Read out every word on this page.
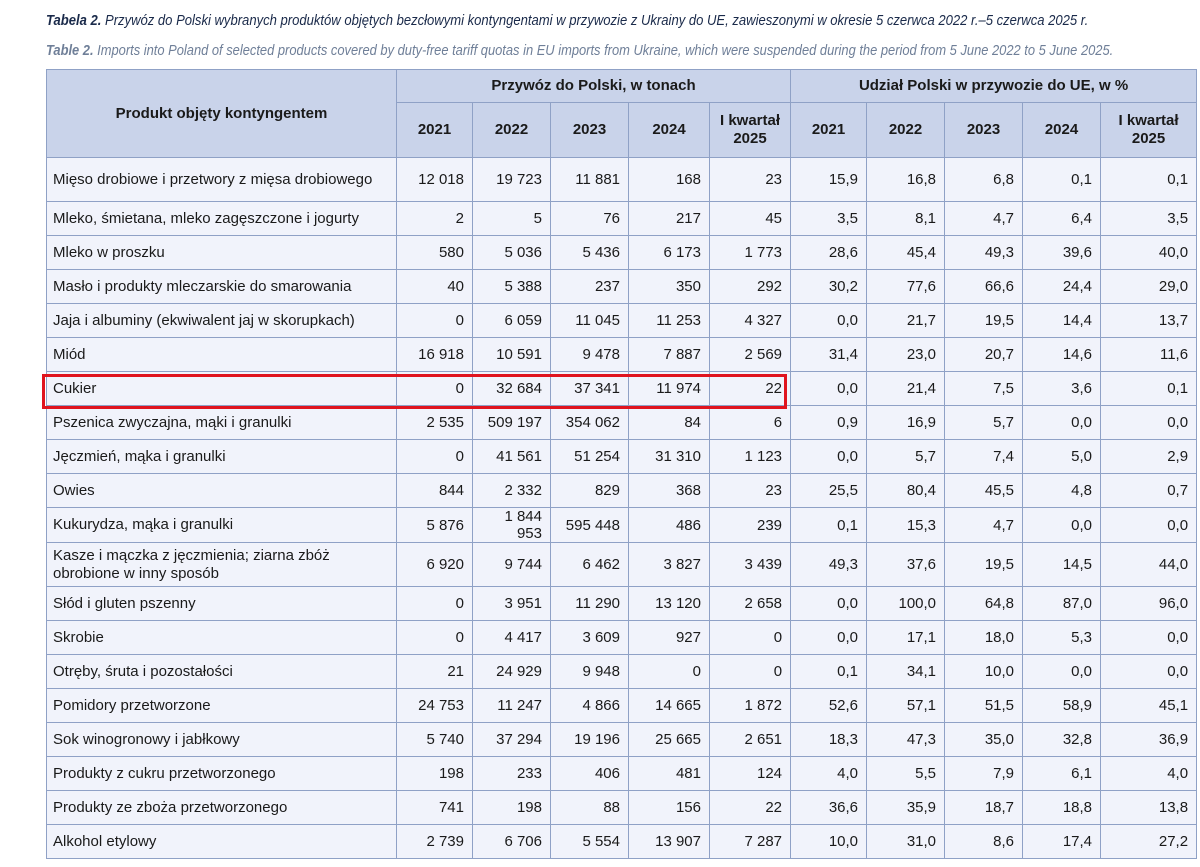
Tabela 2. Przywóz do Polski wybranych produktów objętych bezcłowymi kontyngentami w przywozie z Ukrainy do UE, zawieszonymi w okresie 5 czerwca 2022 r.–5 czerwca 2025 r.
Table 2. Imports into Poland of selected products covered by duty-free tariff quotas in EU imports from Ukraine, which were suspended during the period from 5 June 2022 to 5 June 2025.
Produkt objęty kontyngentem	Przywóz do Polski, w tonach					Udział Polski w przywozie do UE, w %				
	2021	2022	2023	2024	I kwartał 2025	2021	2022	2023	2024	I kwartał 2025
Mięso drobiowe i przetwory z mięsa drobiowego	12 018	19 723	11 881	168	23	15,9	16,8	6,8	0,1	0,1
Mleko, śmietana, mleko zagęszczone i jogurty	2	5	76	217	45	3,5	8,1	4,7	6,4	3,5
Mleko w proszku	580	5 036	5 436	6 173	1 773	28,6	45,4	49,3	39,6	40,0
Masło i produkty mleczarskie do smarowania	40	5 388	237	350	292	30,2	77,6	66,6	24,4	29,0
Jaja i albuminy (ekwiwalent jaj w skorupkach)	0	6 059	11 045	11 253	4 327	0,0	21,7	19,5	14,4	13,7
Miód	16 918	10 591	9 478	7 887	2 569	31,4	23,0	20,7	14,6	11,6
Cukier	0	32 684	37 341	11 974	22	0,0	21,4	7,5	3,6	0,1
Pszenica zwyczajna, mąki i granulki	2 535	509 197	354 062	84	6	0,9	16,9	5,7	0,0	0,0
Jęczmień, mąka i granulki	0	41 561	51 254	31 310	1 123	0,0	5,7	7,4	5,0	2,9
Owies	844	2 332	829	368	23	25,5	80,4	45,5	4,8	0,7
Kukurydza, mąka i granulki	5 876	1 844 953	595 448	486	239	0,1	15,3	4,7	0,0	0,0
Kasze i mączka z jęczmienia; ziarna zbóż obrobione w inny sposób	6 920	9 744	6 462	3 827	3 439	49,3	37,6	19,5	14,5	44,0
Słód i gluten pszenny	0	3 951	11 290	13 120	2 658	0,0	100,0	64,8	87,0	96,0
Skrobie	0	4 417	3 609	927	0	0,0	17,1	18,0	5,3	0,0
Otręby, śruta i pozostałości	21	24 929	9 948	0	0	0,1	34,1	10,0	0,0	0,0
Pomidory przetworzone	24 753	11 247	4 866	14 665	1 872	52,6	57,1	51,5	58,9	45,1
Sok winogronowy i jabłkowy	5 740	37 294	19 196	25 665	2 651	18,3	47,3	35,0	32,8	36,9
Produkty z cukru przetworzonego	198	233	406	481	124	4,0	5,5	7,9	6,1	4,0
Produkty ze zboża przetworzonego	741	198	88	156	22	36,6	35,9	18,7	18,8	13,8
Alkohol etylowy	2 739	6 706	5 554	13 907	7 287	10,0	31,0	8,6	17,4	27,2
